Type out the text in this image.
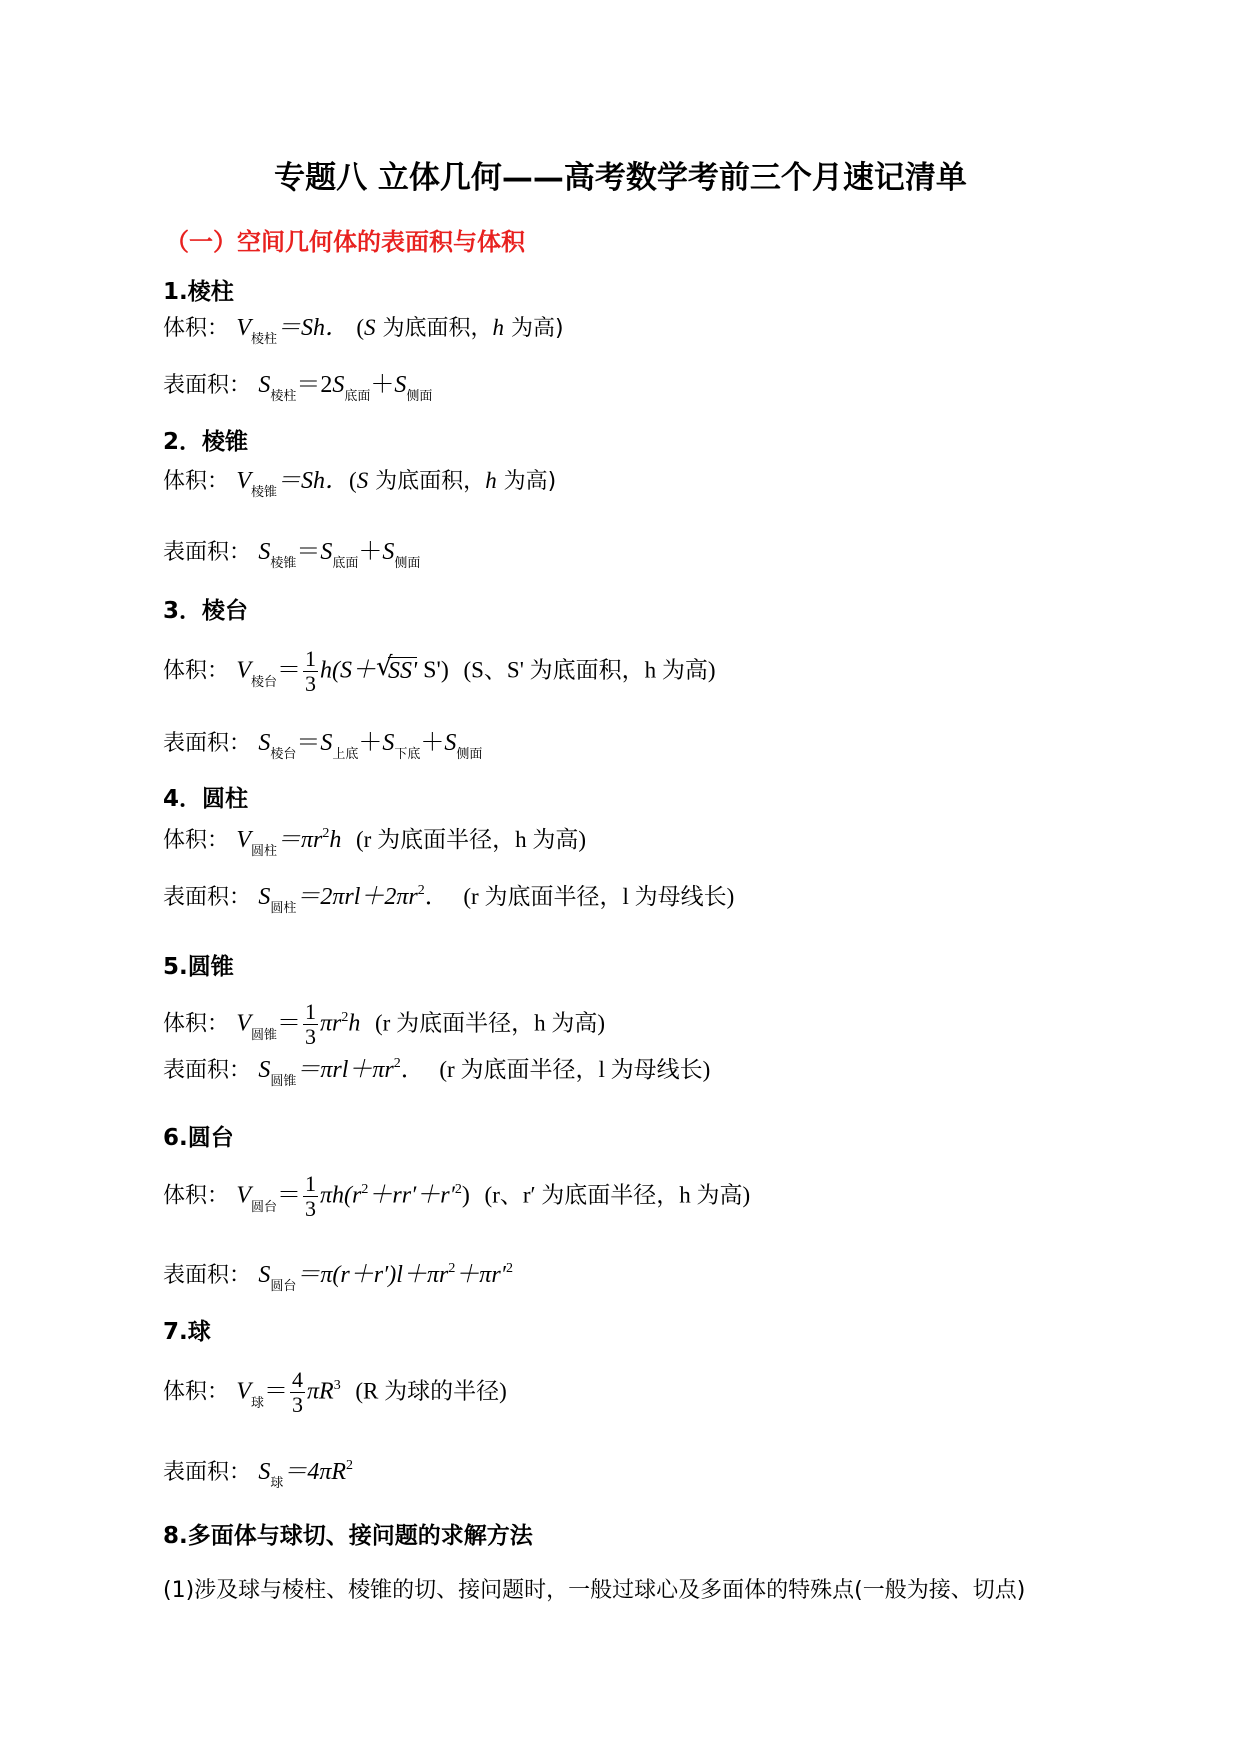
专题八 立体几何——高考数学考前三个月速记清单
（一）空间几何体的表面积与体积
1.棱柱
体积： $V_{棱柱}=Sh$． (S 为底面积，h 为高)
表面积： $S_{棱柱}=2S_{底面}+S_{侧面}$
2．棱锥
体积： $V_{棱锥}=Sh$．(S 为底面积，h 为高)
表面积： $S_{棱锥}=S_{底面}+S_{侧面}$
3．棱台
体积： $V_{棱台}= \frac{1}{3} h(S+$ √
SS' S') (S、S' 为底面积，h 为高)
表面积： $S_{棱台}=S_{上底}+S_{下底}+S_{侧面}$
4．圆柱
体积： $V_{圆柱}=\pi r^2h$ (r 为底面半径，h 为高)
表面积： $S_{圆柱}=2\pi rl+2\pi r^2$． (r 为底面半径，l 为母线长)
5.圆锥
体积： $V_{圆锥}= \frac{1}{3} \pi r^2h$ (r 为底面半径，h 为高)
表面积： $S_{圆锥}=\pi rl+\pi r^2$． (r 为底面半径，l 为母线长)
6.圆台
体积： $V_{圆台}= \frac{1}{3} \pi h(r^2+rr'+r'^2)$ (r、r′ 为底面半径，h 为高)
表面积： $S_{圆台}=\pi(r+r')l+\pi r^2+\pi r'^2$
7.球
体积： $V_球= \frac{4}{3} \pi R^3$ (R 为球的半径)
表面积： $S_球=4\pi R^2$
8.多面体与球切、接问题的求解方法
(1)涉及球与棱柱、棱锥的切、接问题时，一般过球心及多面体的特殊点(一般为接、切点)
